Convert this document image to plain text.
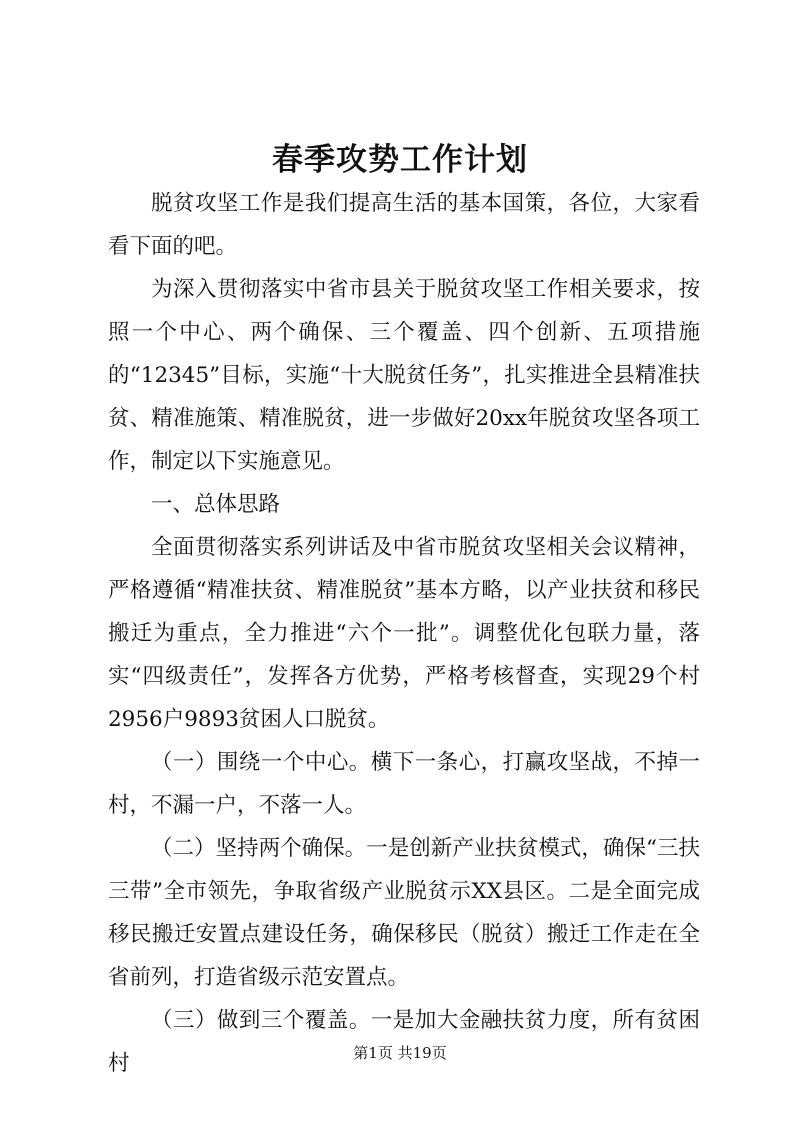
春季攻势工作计划

脱贫攻坚工作是我们提高生活的基本国策，各位，大家看看下面的吧。

为深入贯彻落实中省市县关于脱贫攻坚工作相关要求，按照一个中心、两个确保、三个覆盖、四个创新、五项措施的“12345”目标，实施“十大脱贫任务”，扎实推进全县精准扶贫、精准施策、精准脱贫，进一步做好20xx年脱贫攻坚各项工作，制定以下实施意见。

一、总体思路

全面贯彻落实系列讲话及中省市脱贫攻坚相关会议精神，严格遵循“精准扶贫、精准脱贫”基本方略，以产业扶贫和移民搬迁为重点，全力推进“六个一批”。调整优化包联力量，落实“四级责任”，发挥各方优势，严格考核督查，实现29个村2956户9893贫困人口脱贫。

（一）围绕一个中心。横下一条心，打赢攻坚战，不掉一村，不漏一户，不落一人。

（二）坚持两个确保。一是创新产业扶贫模式，确保“三扶三带”全市领先，争取省级产业脱贫示XX县区。二是全面完成移民搬迁安置点建设任务，确保移民（脱贫）搬迁工作走在全省前列，打造省级示范安置点。

（三）做到三个覆盖。一是加大金融扶贫力度，所有贫困村	第1页 共19页
